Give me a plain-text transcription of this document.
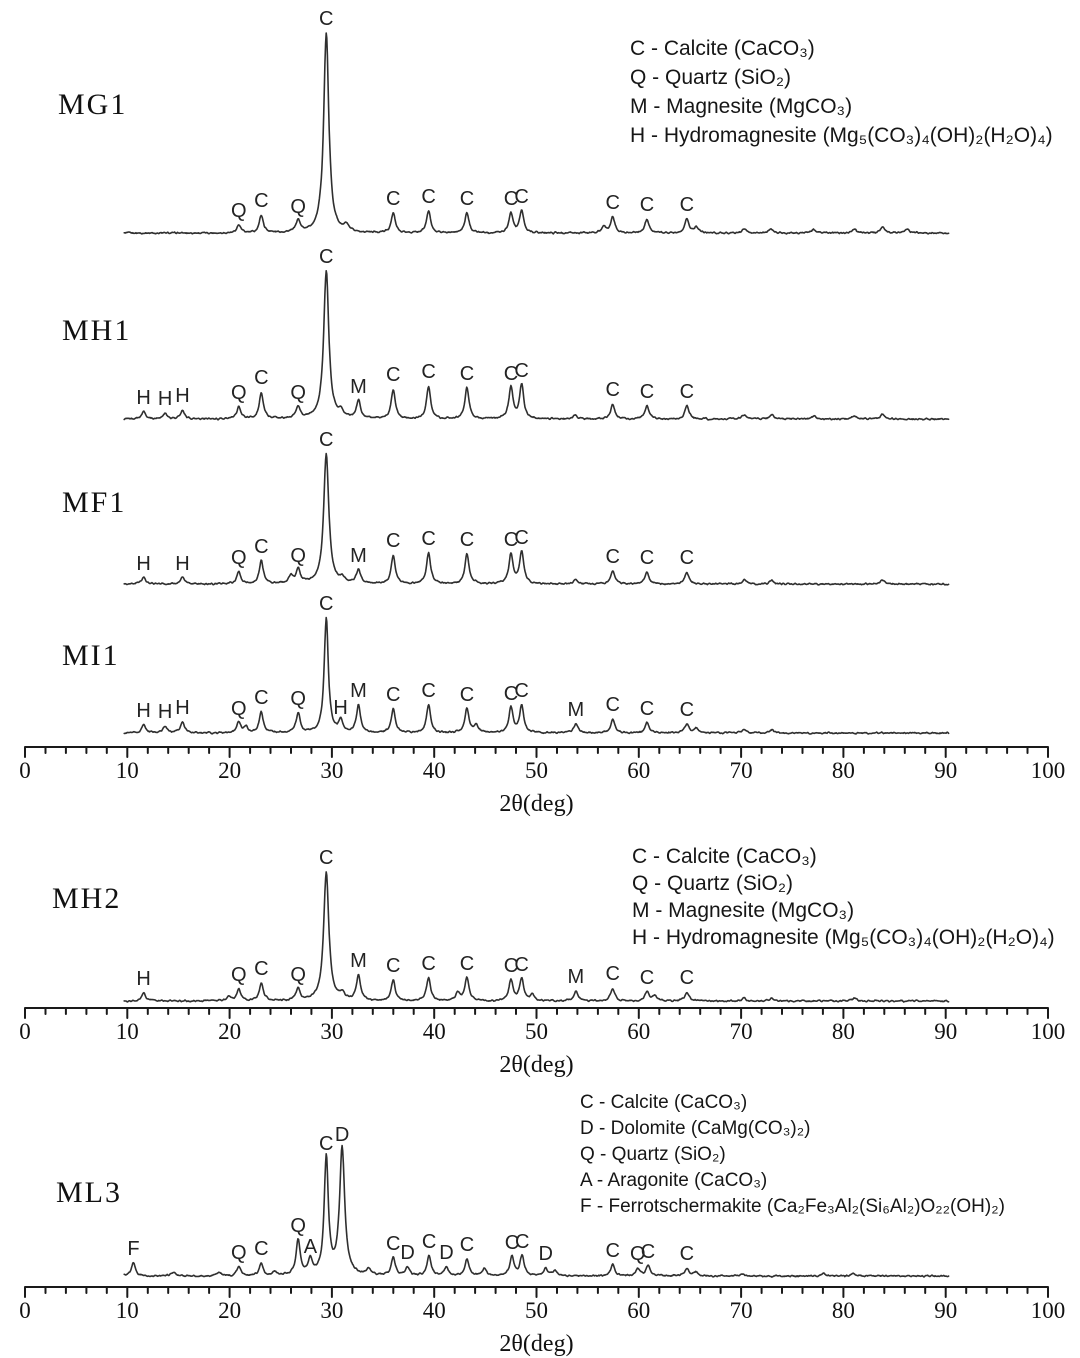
0	10	20	30	40	50	60	70	80	90	100
2θ(deg)
0	10	20	30	40	50	60	70	80	90	100
2θ(deg)
0	10	20	30	40	50	60	70	80	90	100
2θ(deg)
MG1
Q C Q
C
C C C C
C	C C C
MH1
H H H Q
C
Q
C
M
C C C C
C
C C C
MF1
H H Q
C Q
C
M
C C C C
C
C C C
MI1
H H H Q C Q
C
H
M C C C C
C
M C C C
MH2
H	Q C Q
C
M C C C C
C
M C C C
ML3
F	Q C
Q
A
C D
C D
C
D C C
C
D	C Q
C C
C - Calcite (CaCO₃)
Q - Quartz (SiO₂)
M - Magnesite (MgCO₃)
H - Hydromagnesite (Mg₅(CO₃)₄(OH)₂(H₂O)₄)
C - Calcite (CaCO₃)
Q - Quartz (SiO₂)
M - Magnesite (MgCO₃)
H - Hydromagnesite (Mg₅(CO₃)₄(OH)₂(H₂O)₄)
C - Calcite (CaCO₃)
D - Dolomite (CaMg(CO₃)₂)
Q - Quartz (SiO₂)
A - Aragonite (CaCO₃)
F - Ferrotschermakite (Ca₂Fe₃Al₂(Si₆Al₂)O₂₂(OH)₂)
